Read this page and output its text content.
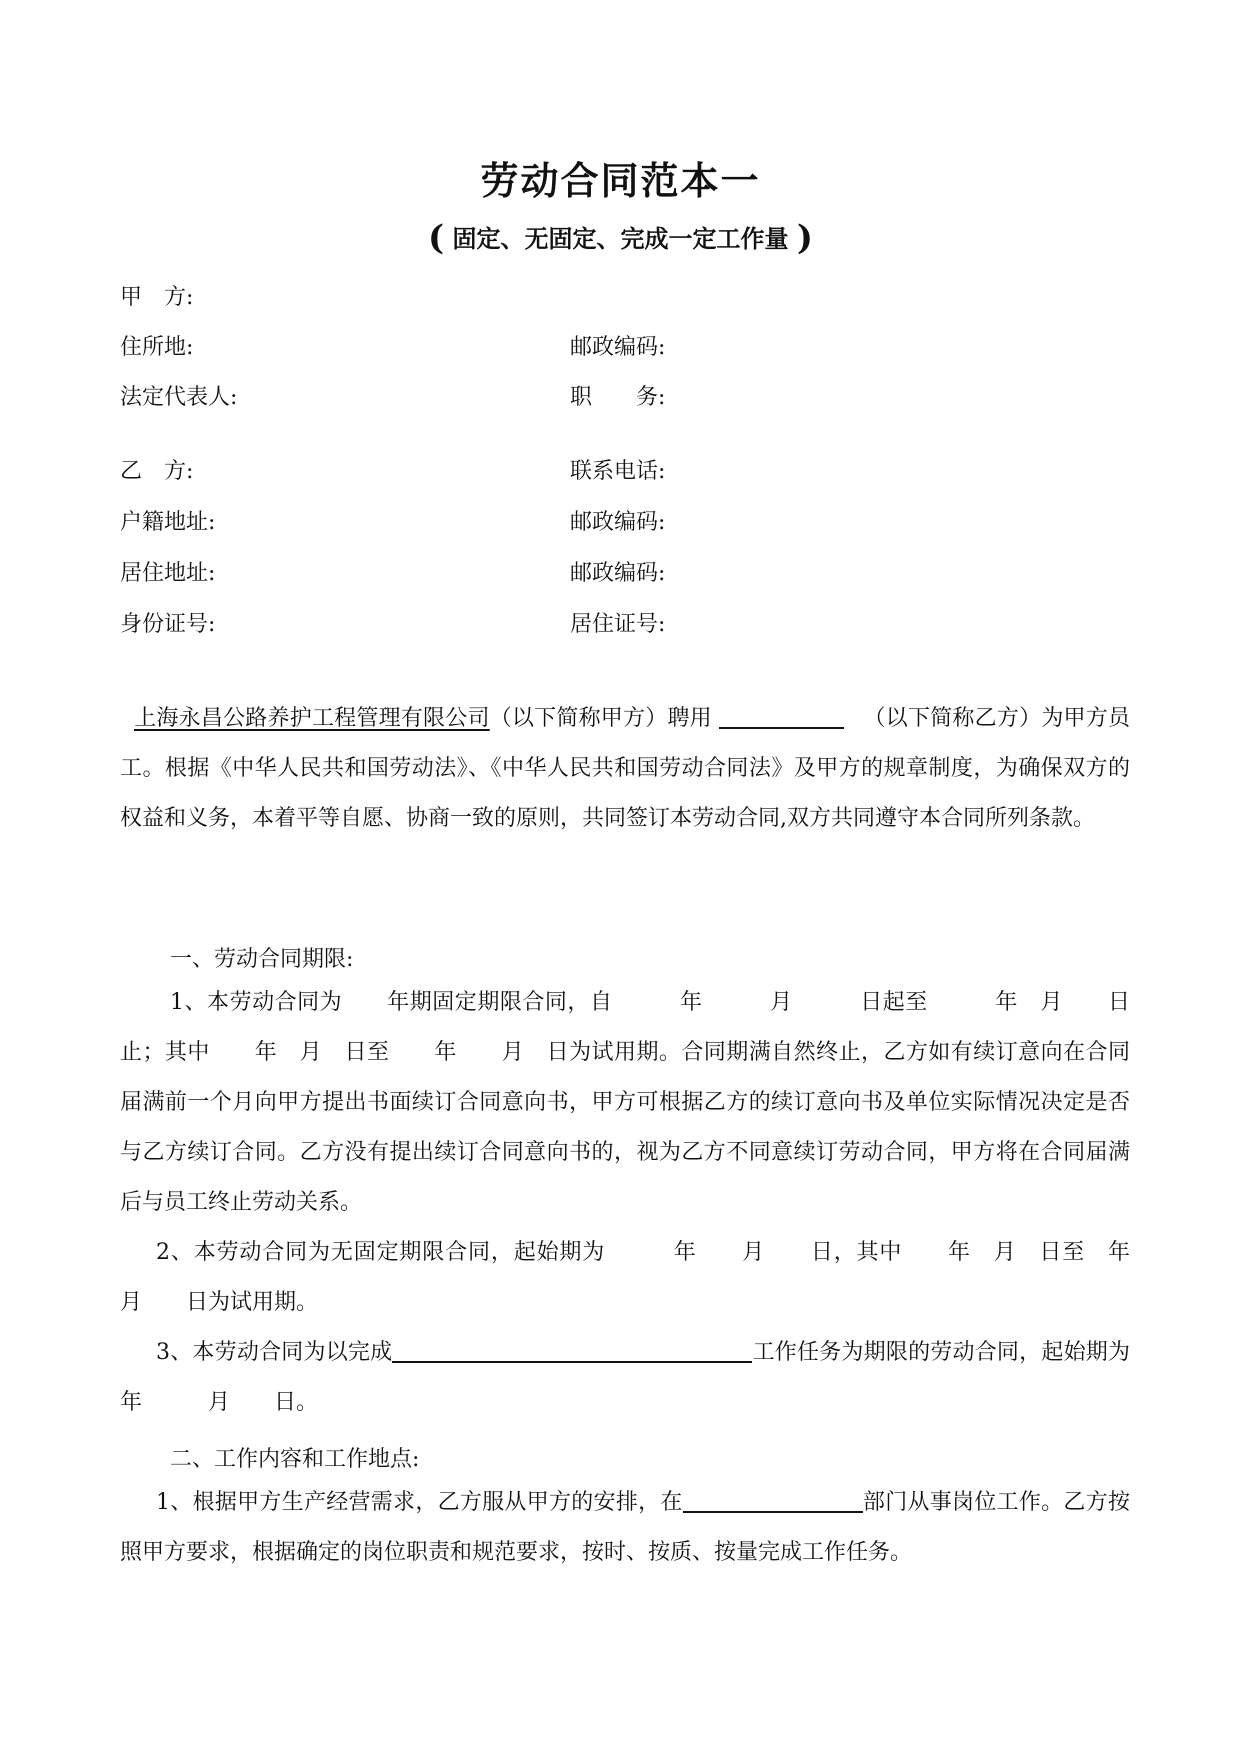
劳动合同范本一
( 固定、无固定、完成一定工作量 )
甲　方:
住所地:	邮政编码:
法定代表人:	职　　务:
乙　方:	联系电话:
户籍地址:	邮政编码:
居住地址:	邮政编码:
身份证号:	居住证号:
上海永昌公路养护工程管理有限公司（以下简称甲方）聘用	（以下简称乙方）为甲方员工。根据《中华人民共和国劳动法》、《中华人民共和国劳动合同法》及甲方的规章制度，为确保双方的权益和义务，本着平等自愿、协商一致的原则，共同签订本劳动合同,双方共同遵守本合同所列条款。
一、劳动合同期限:
1、本劳动合同为　　年期固定期限合同，自　　　年　　　月　　　日起至　　　年　月　　日止；其中　　年　月　日至　　年　　月　日为试用期。合同期满自然终止，乙方如有续订意向在合同届满前一个月向甲方提出书面续订合同意向书，甲方可根据乙方的续订意向书及单位实际情况决定是否与乙方续订合同。乙方没有提出续订合同意向书的，视为乙方不同意续订劳动合同，甲方将在合同届满后与员工终止劳动关系。
2、本劳动合同为无固定期限合同，起始期为　　　年　　月　　日，其中　　年　月　日至　年　　月　　日为试用期。
3、本劳动合同为以完成	工作任务为期限的劳动合同，起始期为　　　年　　　月　　日。
二、工作内容和工作地点:
1、根据甲方生产经营需求，乙方服从甲方的安排，在	部门从事岗位工作。乙方按照甲方要求，根据确定的岗位职责和规范要求，按时、按质、按量完成工作任务。
